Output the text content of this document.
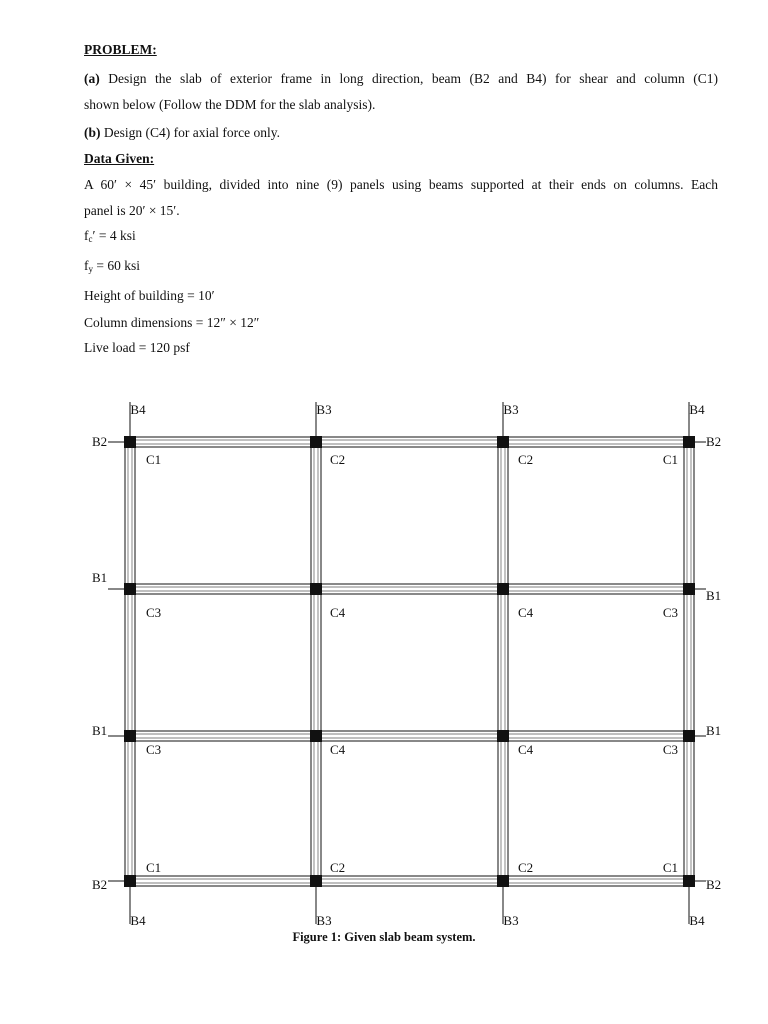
PROBLEM:
(a) Design the slab of exterior frame in long direction, beam (B2 and B4) for shear and column (C1)
shown below (Follow the DDM for the slab analysis).
(b) Design (C4) for axial force only.
Data Given:
A 60′ × 45′ building, divided into nine (9) panels using beams supported at their ends on columns. Each
panel is 20′ × 15′.
$f_c' = 4$ ksi
$f_y = 60$ ksi
Height of building = 10′
Column dimensions = 12″ × 12″
Live load = 120 psf
B4
B4
B3
B3
B3
B3
B4
B4
B2	B2
B1
B1
B1	B1
B2	B2
C1	C2	C2	C1
C3	C4	C4	C3
C3	C4	C4	C3
C1	C2	C2	C1
Figure 1: Given slab beam system.
